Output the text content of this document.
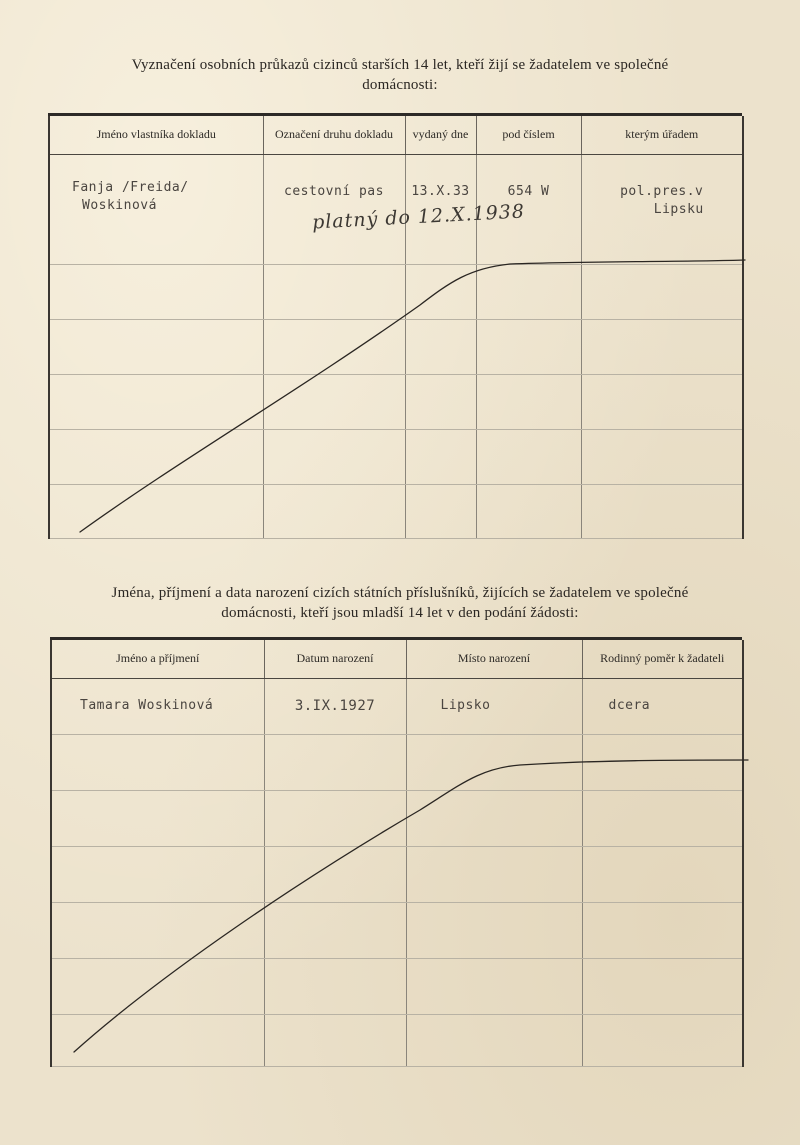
Vyznačení osobních průkazů cizinců starších 14 let, kteří žijí se žadatelem ve společné
domácnosti:
Jméno vlastníka dokladu	Označení druhu dokladu	vydaný dne	pod číslem	kterým úřadem

Fanja /Freida/
Woskinová	cestovní pas	13.X.33	654 W	pol.pres.v
Lipsku

platný do 12.X.1938
Jména, příjmení a data narození cizích státních příslušníků, žijících se žadatelem ve společné
domácnosti, kteří jsou mladší 14 let v den podání žádosti:
Jméno a příjmení	Datum narození	Místo narození	Rodinný poměr k žadateli

Tamara Woskinová	3.IX.1927	Lipsko	dcera
